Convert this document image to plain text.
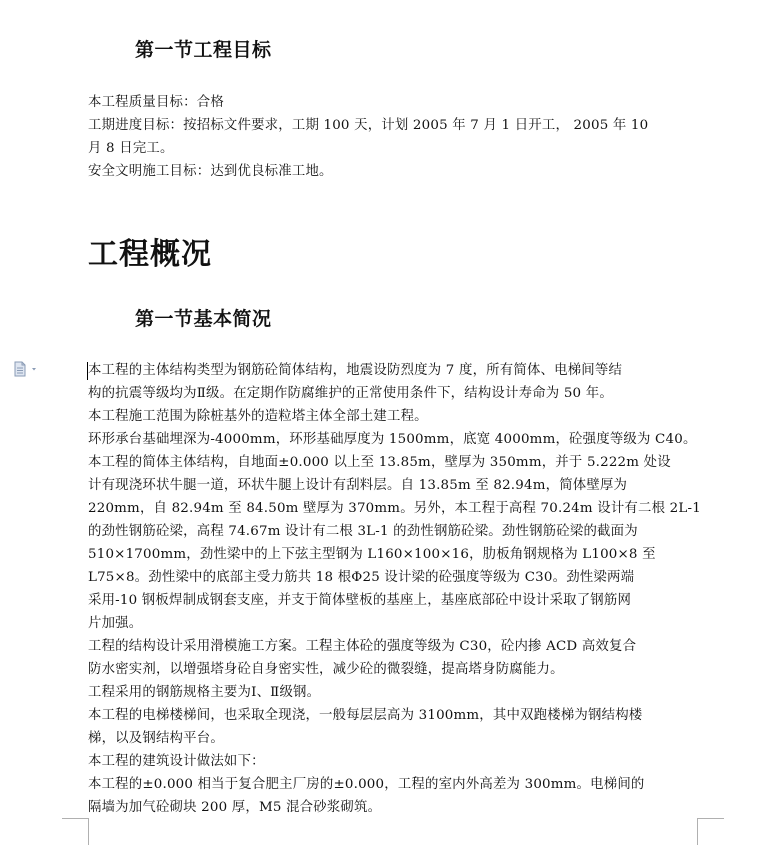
第一节工程目标
本工程质量目标：合格
工期进度目标：按招标文件要求，工期 100 天，计划 2005 年 7 月 1 日开工， 2005 年 10
月 8 日完工。
安全文明施工目标：达到优良标准工地。
工程概况
第一节基本简况
本工程的主体结构类型为钢筋砼简体结构，地震设防烈度为 7 度，所有简体、电梯间等结
构的抗震等级均为Ⅱ级。在定期作防腐维护的正常使用条件下，结构设计寿命为 50 年。
本工程施工范围为除桩基外的造粒塔主体全部土建工程。
环形承台基础埋深为-4000mm，环形基础厚度为 1500mm，底宽 4000mm，砼强度等级为 C40。
本工程的简体主体结构，自地面±0.000 以上至 13.85m，壁厚为 350mm，并于 5.222m 处设
计有现浇环状牛腿一道，环状牛腿上设计有刮料层。自 13.85m 至 82.94m，简体壁厚为
220mm，自 82.94m 至 84.50m 壁厚为 370mm。另外，本工程于高程 70.24m 设计有二根 2L-1
的劲性钢筋砼梁，高程 74.67m 设计有二根 3L-1 的劲性钢筋砼梁。劲性钢筋砼梁的截面为
510×1700mm，劲性梁中的上下弦主型钢为 L160×100×16，肋板角钢规格为 L100×8 至
L75×8。劲性梁中的底部主受力筋共 18 根Φ25 设计梁的砼强度等级为 C30。劲性梁两端
采用-10 钢板焊制成钢套支座，并支于简体壁板的基座上，基座底部砼中设计采取了钢筋网
片加强。
工程的结构设计采用滑模施工方案。工程主体砼的强度等级为 C30，砼内掺 ACD 高效复合
防水密实剂，以增强塔身砼自身密实性，减少砼的微裂缝，提高塔身防腐能力。
工程采用的钢筋规格主要为Ⅰ、Ⅱ级钢。
本工程的电梯楼梯间，也采取全现浇，一般每层层高为 3100mm，其中双跑楼梯为钢结构楼
梯，以及钢结构平台。
本工程的建筑设计做法如下：
本工程的±0.000 相当于复合肥主厂房的±0.000，工程的室内外高差为 300mm。电梯间的
隔墙为加气砼砌块 200 厚，M5 混合砂浆砌筑。
